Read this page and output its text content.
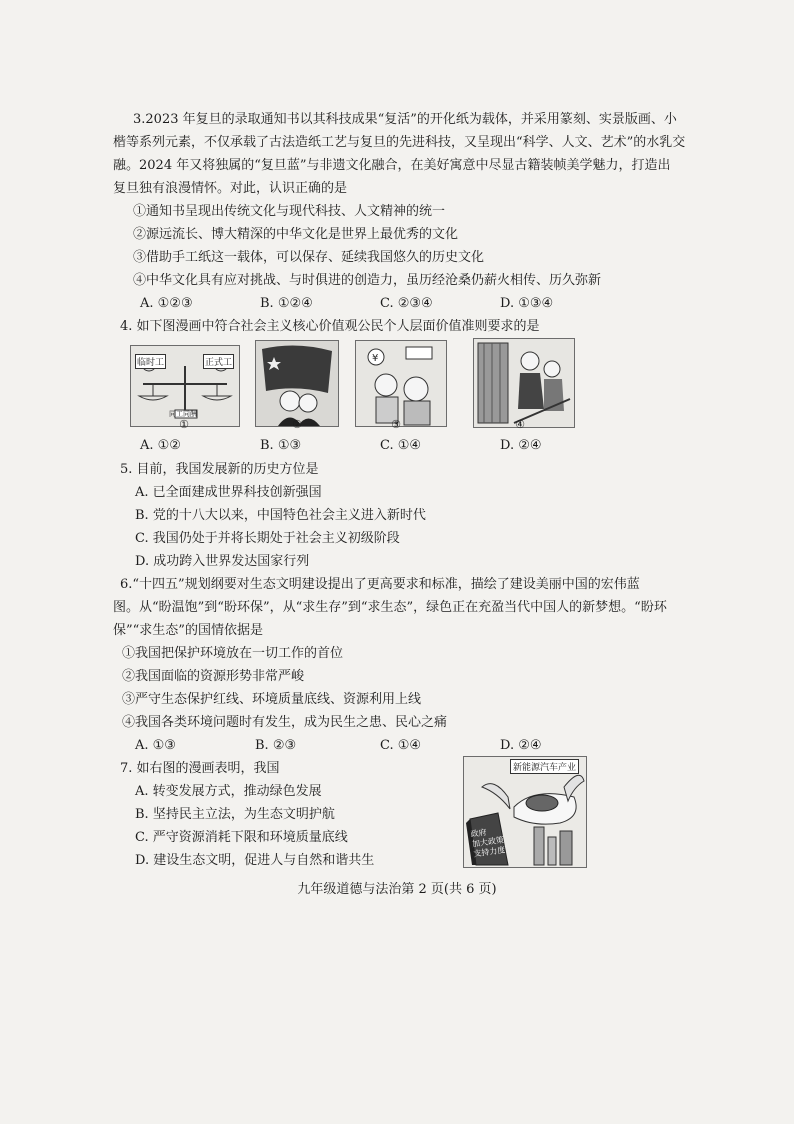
3.2023 年复旦的录取通知书以其科技成果“复活”的开化纸为载体，并采用篆刻、实景版画、小
楷等系列元素，不仅承载了古法造纸工艺与复旦的先进科技，又呈现出“科学、人文、艺术”的水乳交
融。2024 年又将独属的“复旦蓝”与非遗文化融合，在美好寓意中尽显古籍装帧美学魅力，打造出
复旦独有浪漫情怀。对此，认识正确的是
①通知书呈现出传统文化与现代科技、人文精神的统一
②源远流长、博大精深的中华文化是世界上最优秀的文化
③借助手工纸这一载体，可以保存、延续我国悠久的历史文化
④中华文化具有应对挑战、与时俱进的创造力，虽历经沧桑仍薪火相传、历久弥新
A. ①②③	B. ①②④	C. ②③④	D. ①③④
4. 如下图漫画中符合社会主义核心价值观公民个人层面价值准则要求的是
临时工	正式工
同工同酬
①	②
¥
③	④
A. ①②	B. ①③	C. ①④	D. ②④
5. 目前，我国发展新的历史方位是
A. 已全面建成世界科技创新强国
B. 党的十八大以来，中国特色社会主义进入新时代
C. 我国仍处于并将长期处于社会主义初级阶段
D. 成功跨入世界发达国家行列
6.“十四五”规划纲要对生态文明建设提出了更高要求和标准，描绘了建设美丽中国的宏伟蓝
图。从“盼温饱”到“盼环保”，从“求生存”到“求生态”，绿色正在充盈当代中国人的新梦想。“盼环
保”“求生态”的国情依据是
①我国把保护环境放在一切工作的首位
②我国面临的资源形势非常严峻
③严守生态保护红线、环境质量底线、资源利用上线
④我国各类环境问题时有发生，成为民生之患、民心之痛
A. ①③	B. ②③	C. ①④	D. ②④
7. 如右图的漫画表明，我国
A. 转变发展方式，推动绿色发展
B. 坚持民主立法，为生态文明护航
C. 严守资源消耗下限和环境质量底线
D. 建设生态文明，促进人与自然和谐共生
新能源汽车产业
政府
加大政策
支持力度
九年级道德与法治第 2 页(共 6 页)
